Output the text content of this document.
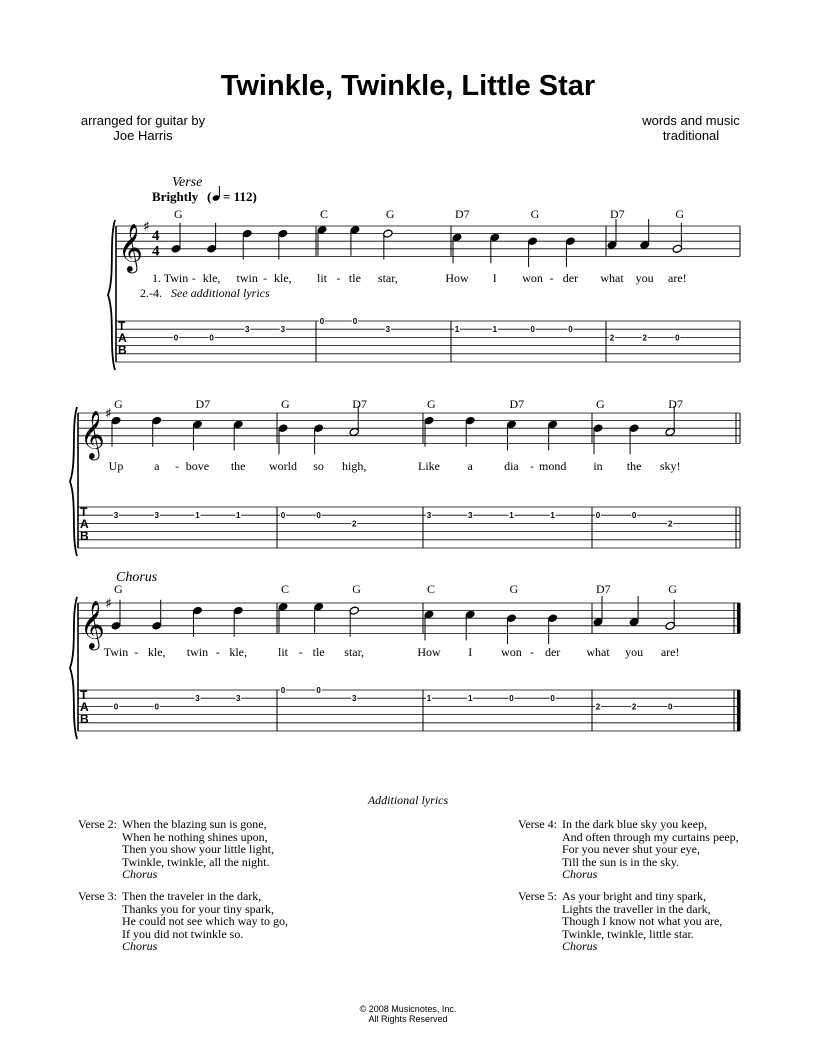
Twinkle, Twinkle, Little Star
arranged for guitar by
Joe Harris
words and music
traditional
Verse
Brightly ( = 112)
𝄞 ♯
4
4
T
A
B
1.
2.-4. See additional lyrics
G
0	0
3	3
Twin - kle, twin - kle,
C	G
0	0
3
lit - tle star,
D7	G
1	1	0	0
How I won - der
D7	G
2	2	0
what you are!
𝄞 ♯
T
A
B
G	D7
3	3	1	1
Up	a - bove the
G	D7
0	0
2
world so high,
G	D7
3	3	1	1
Like a	dia - mond
G	D7
0	0
2
in the sky!
Chorus
𝄞 ♯
T
A
B
G
0	0
3	3
Twin - kle, twin - kle,
C	G
0	0
3
lit - tle star,
C	G
1	1	0	0
How I won - der
D7	G
2	2	0
what you are!
Additional lyrics
Verse 2: When the blazing sun is gone,
When he nothing shines upon,
Then you show your little light,
Twinkle, twinkle, all the night.
Chorus
Verse 3: Then the traveler in the dark,
Thanks you for your tiny spark,
He could not see which way to go,
If you did not twinkle so.
Chorus
Verse 4: In the dark blue sky you keep,
And often through my curtains peep,
For you never shut your eye,
Till the sun is in the sky.
Chorus
Verse 5: As your bright and tiny spark,
Lights the traveller in the dark,
Though I know not what you are,
Twinkle, twinkle, little star.
Chorus
© 2008 Musicnotes, Inc.
All Rights Reserved
